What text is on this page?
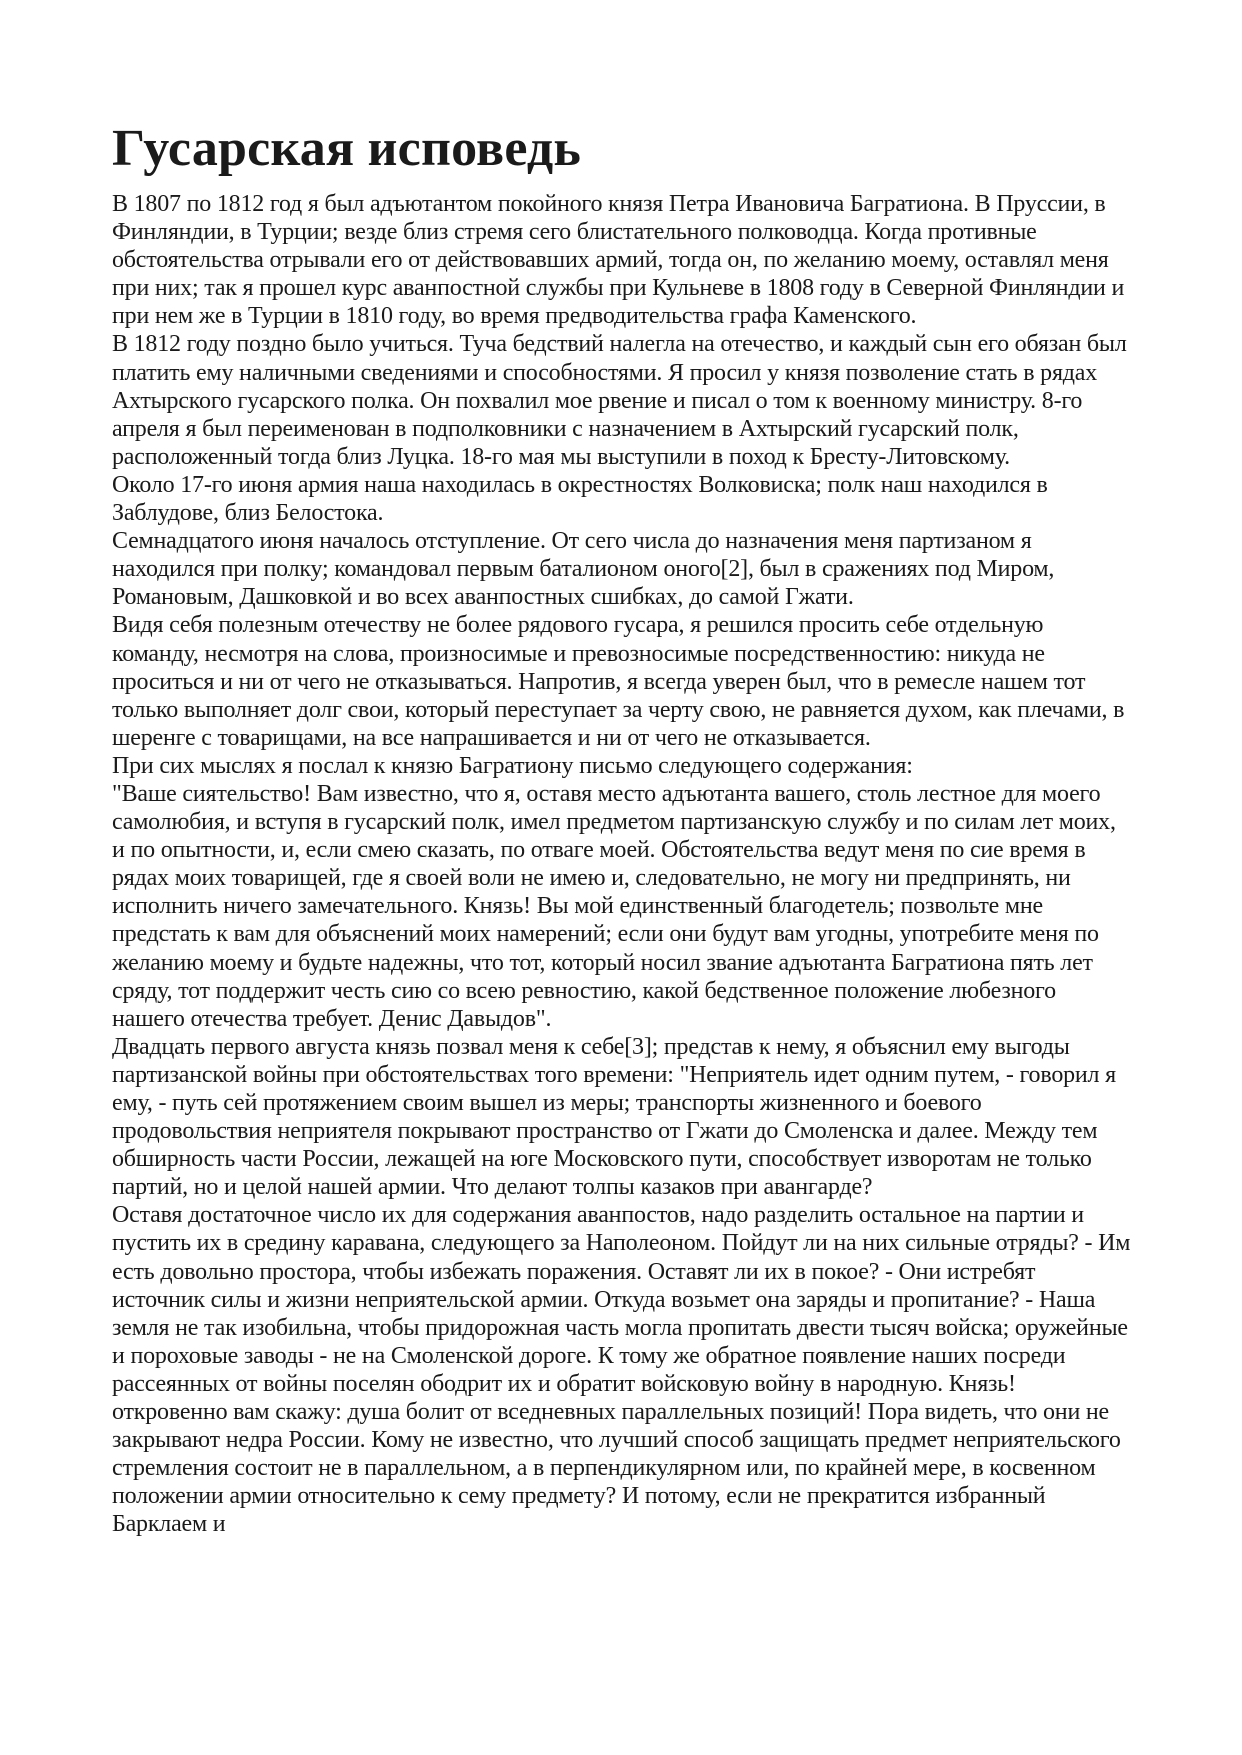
Гусарская исповедь

В 1807 по 1812 год я был адъютантом покойного князя Петра Ивановича Багратиона. В Пруссии, в Финляндии, в Турции; везде близ стремя сего блистательного полководца. Когда противные обстоятельства отрывали его от действовавших армий, тогда он, по желанию моему, оставлял меня при них; так я прошел курс аванпостной службы при Кульневе в 1808 году в Северной Финляндии и при нем же в Турции в 1810 году, во время предводительства графа Каменского.

В 1812 году поздно было учиться. Туча бедствий налегла на отечество, и каждый сын его обязан был платить ему наличными сведениями и способностями. Я просил у князя позволение стать в рядах Ахтырского гусарского полка. Он похвалил мое рвение и писал о том к военному министру. 8-го апреля я был переименован в подполковники с назначением в Ахтырский гусарский полк, расположенный тогда близ Луцка. 18-го мая мы выступили в поход к Бресту-Литовскому.

Около 17-го июня армия наша находилась в окрестностях Волковиска; полк наш находился в Заблудове, близ Белостока.

Семнадцатого июня началось отступление. От сего числа до назначения меня партизаном я находился при полку; командовал первым баталионом оного[2], был в сражениях под Миром, Романовым, Дашковкой и во всех аванпостных сшибках, до самой Гжати.

Видя себя полезным отечеству не более рядового гусара, я решился просить себе отдельную команду, несмотря на слова, произносимые и превозносимые посредственностию: никуда не проситься и ни от чего не отказываться. Напротив, я всегда уверен был, что в ремесле нашем тот только выполняет долг свои, который переступает за черту свою, не равняется духом, как плечами, в шеренге с товарищами, на все напрашивается и ни от чего не отказывается.

При сих мыслях я послал к князю Багратиону письмо следующего содержания:

"Ваше сиятельство! Вам известно, что я, оставя место адъютанта вашего, столь лестное для моего самолюбия, и вступя в гусарский полк, имел предметом партизанскую службу и по силам лет моих, и по опытности, и, если смею сказать, по отваге моей. Обстоятельства ведут меня по сие время в рядах моих товарищей, где я своей воли не имею и, следовательно, не могу ни предпринять, ни исполнить ничего замечательного. Князь! Вы мой единственный благодетель; позвольте мне предстать к вам для объяснений моих намерений; если они будут вам угодны, употребите меня по желанию моему и будьте надежны, что тот, который носил звание адъютанта Багратиона пять лет сряду, тот поддержит честь сию со всею ревностию, какой бедственное положение любезного нашего отечества требует. Денис Давыдов".

Двадцать первого августа князь позвал меня к себе[3]; представ к нему, я объяснил ему выгоды партизанской войны при обстоятельствах того времени: "Неприятель идет одним путем, - говорил я ему, - путь сей протяжением своим вышел из меры; транспорты жизненного и боевого продовольствия неприятеля покрывают пространство от Гжати до Смоленска и далее. Между тем обширность части России, лежащей на юге Московского пути, способствует изворотам не только партий, но и целой нашей армии. Что делают толпы казаков при авангарде?

Оставя достаточное число их для содержания аванпостов, надо разделить остальное на партии и пустить их в средину каравана, следующего за Наполеоном. Пойдут ли на них сильные отряды? - Им есть довольно простора, чтобы избежать поражения. Оставят ли их в покое? - Они истребят источник силы и жизни неприятельской армии. Откуда возьмет она заряды и пропитание? - Наша земля не так изобильна, чтобы придорожная часть могла пропитать двести тысяч войска; оружейные и пороховые заводы - не на Смоленской дороге. К тому же обратное появление наших посреди рассеянных от войны поселян ободрит их и обратит войсковую войну в народную. Князь! откровенно вам скажу: душа болит от вседневных параллельных позиций! Пора видеть, что они не закрывают недра России. Кому не известно, что лучший способ защищать предмет неприятельского стремления состоит не в параллельном, а в перпендикулярном или, по крайней мере, в косвенном положении армии относительно к сему предмету? И потому, если не прекратится избранный Барклаем и
